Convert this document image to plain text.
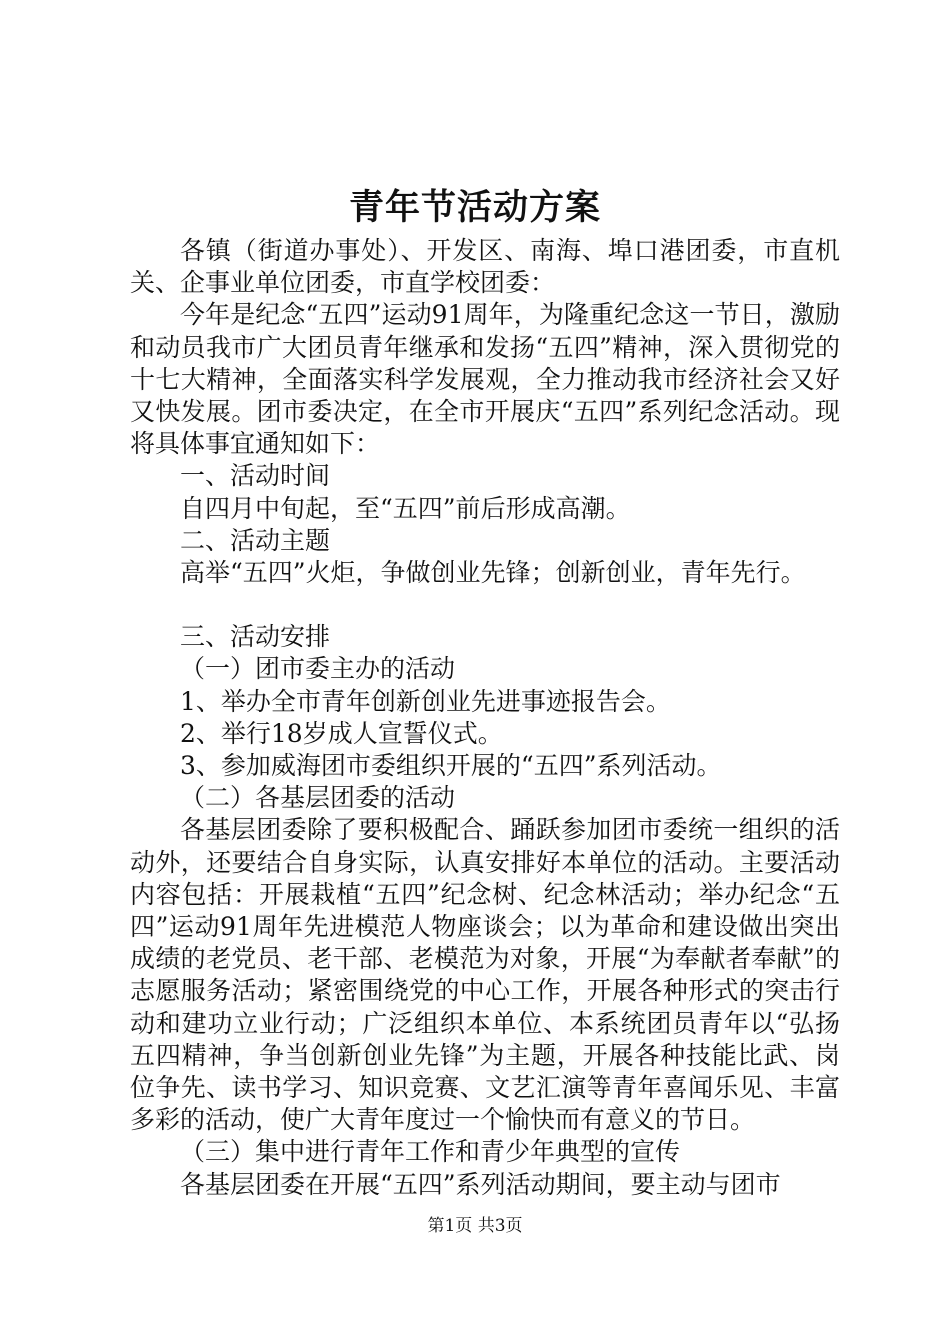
青年节活动方案

各镇（街道办事处）、开发区、南海、埠口港团委，市直机关、企事业单位团委，市直学校团委：

今年是纪念“五四”运动91周年，为隆重纪念这一节日，激励和动员我市广大团员青年继承和发扬“五四”精神，深入贯彻党的十七大精神，全面落实科学发展观，全力推动我市经济社会又好又快发展。团市委决定，在全市开展庆“五四”系列纪念活动。现将具体事宜通知如下：

一、活动时间

自四月中旬起，至“五四”前后形成高潮。

二、活动主题

高举“五四”火炬，争做创业先锋；创新创业，青年先行。

三、活动安排

（一）团市委主办的活动

1、举办全市青年创新创业先进事迹报告会。

2、举行18岁成人宣誓仪式。

3、参加威海团市委组织开展的“五四”系列活动。

（二）各基层团委的活动

各基层团委除了要积极配合、踊跃参加团市委统一组织的活动外，还要结合自身实际，认真安排好本单位的活动。主要活动内容包括：开展栽植“五四”纪念树、纪念林活动；举办纪念“五四”运动91周年先进模范人物座谈会；以为革命和建设做出突出成绩的老党员、老干部、老模范为对象，开展“为奉献者奉献”的志愿服务活动；紧密围绕党的中心工作，开展各种形式的突击行动和建功立业行动；广泛组织本单位、本系统团员青年以“弘扬五四精神，争当创新创业先锋”为主题，开展各种技能比武、岗位争先、读书学习、知识竞赛、文艺汇演等青年喜闻乐见、丰富多彩的活动，使广大青年度过一个愉快而有意义的节日。

（三）集中进行青年工作和青少年典型的宣传

各基层团委在开展“五四”系列活动期间，要主动与团市

第1页 共3页
